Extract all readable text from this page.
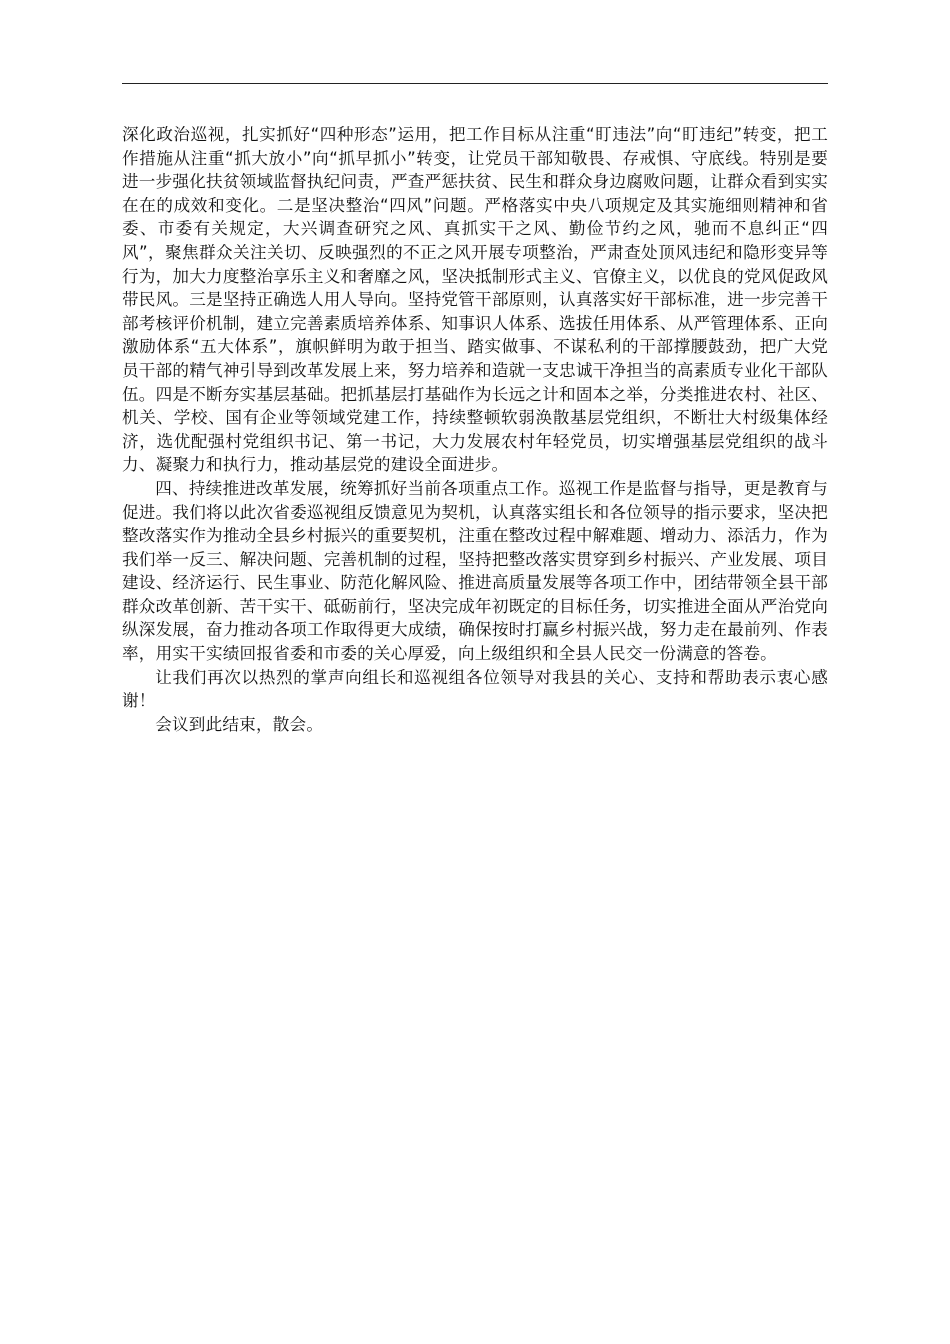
深化政治巡视，扎实抓好“四种形态”运用，把工作目标从注重“盯违法”向“盯违纪”转变，把工作措施从注重“抓大放小”向“抓早抓小”转变，让党员干部知敬畏、存戒惧、守底线。特别是要进一步强化扶贫领域监督执纪问责，严查严惩扶贫、民生和群众身边腐败问题，让群众看到实实在在的成效和变化。二是坚决整治“四风”问题。严格落实中央八项规定及其实施细则精神和省委、市委有关规定，大兴调查研究之风、真抓实干之风、勤俭节约之风，驰而不息纠正“四风”，聚焦群众关注关切、反映强烈的不正之风开展专项整治，严肃查处顶风违纪和隐形变异等行为，加大力度整治享乐主义和奢靡之风，坚决抵制形式主义、官僚主义，以优良的党风促政风带民风。三是坚持正确选人用人导向。坚持党管干部原则，认真落实好干部标准，进一步完善干部考核评价机制，建立完善素质培养体系、知事识人体系、选拔任用体系、从严管理体系、正向激励体系“五大体系”，旗帜鲜明为敢于担当、踏实做事、不谋私利的干部撑腰鼓劲，把广大党员干部的精气神引导到改革发展上来，努力培养和造就一支忠诚干净担当的高素质专业化干部队伍。四是不断夯实基层基础。把抓基层打基础作为长远之计和固本之举，分类推进农村、社区、机关、学校、国有企业等领域党建工作，持续整顿软弱涣散基层党组织，不断壮大村级集体经济，选优配强村党组织书记、第一书记，大力发展农村年轻党员，切实增强基层党组织的战斗力、凝聚力和执行力，推动基层党的建设全面进步。

四、持续推进改革发展，统筹抓好当前各项重点工作。巡视工作是监督与指导，更是教育与促进。我们将以此次省委巡视组反馈意见为契机，认真落实组长和各位领导的指示要求，坚决把整改落实作为推动全县乡村振兴的重要契机，注重在整改过程中解难题、增动力、添活力，作为我们举一反三、解决问题、完善机制的过程，坚持把整改落实贯穿到乡村振兴、产业发展、项目建设、经济运行、民生事业、防范化解风险、推进高质量发展等各项工作中，团结带领全县干部群众改革创新、苦干实干、砥砺前行，坚决完成年初既定的目标任务，切实推进全面从严治党向纵深发展，奋力推动各项工作取得更大成绩，确保按时打赢乡村振兴战，努力走在最前列、作表率，用实干实绩回报省委和市委的关心厚爱，向上级组织和全县人民交一份满意的答卷。

让我们再次以热烈的掌声向组长和巡视组各位领导对我县的关心、支持和帮助表示衷心感谢！

会议到此结束，散会。
